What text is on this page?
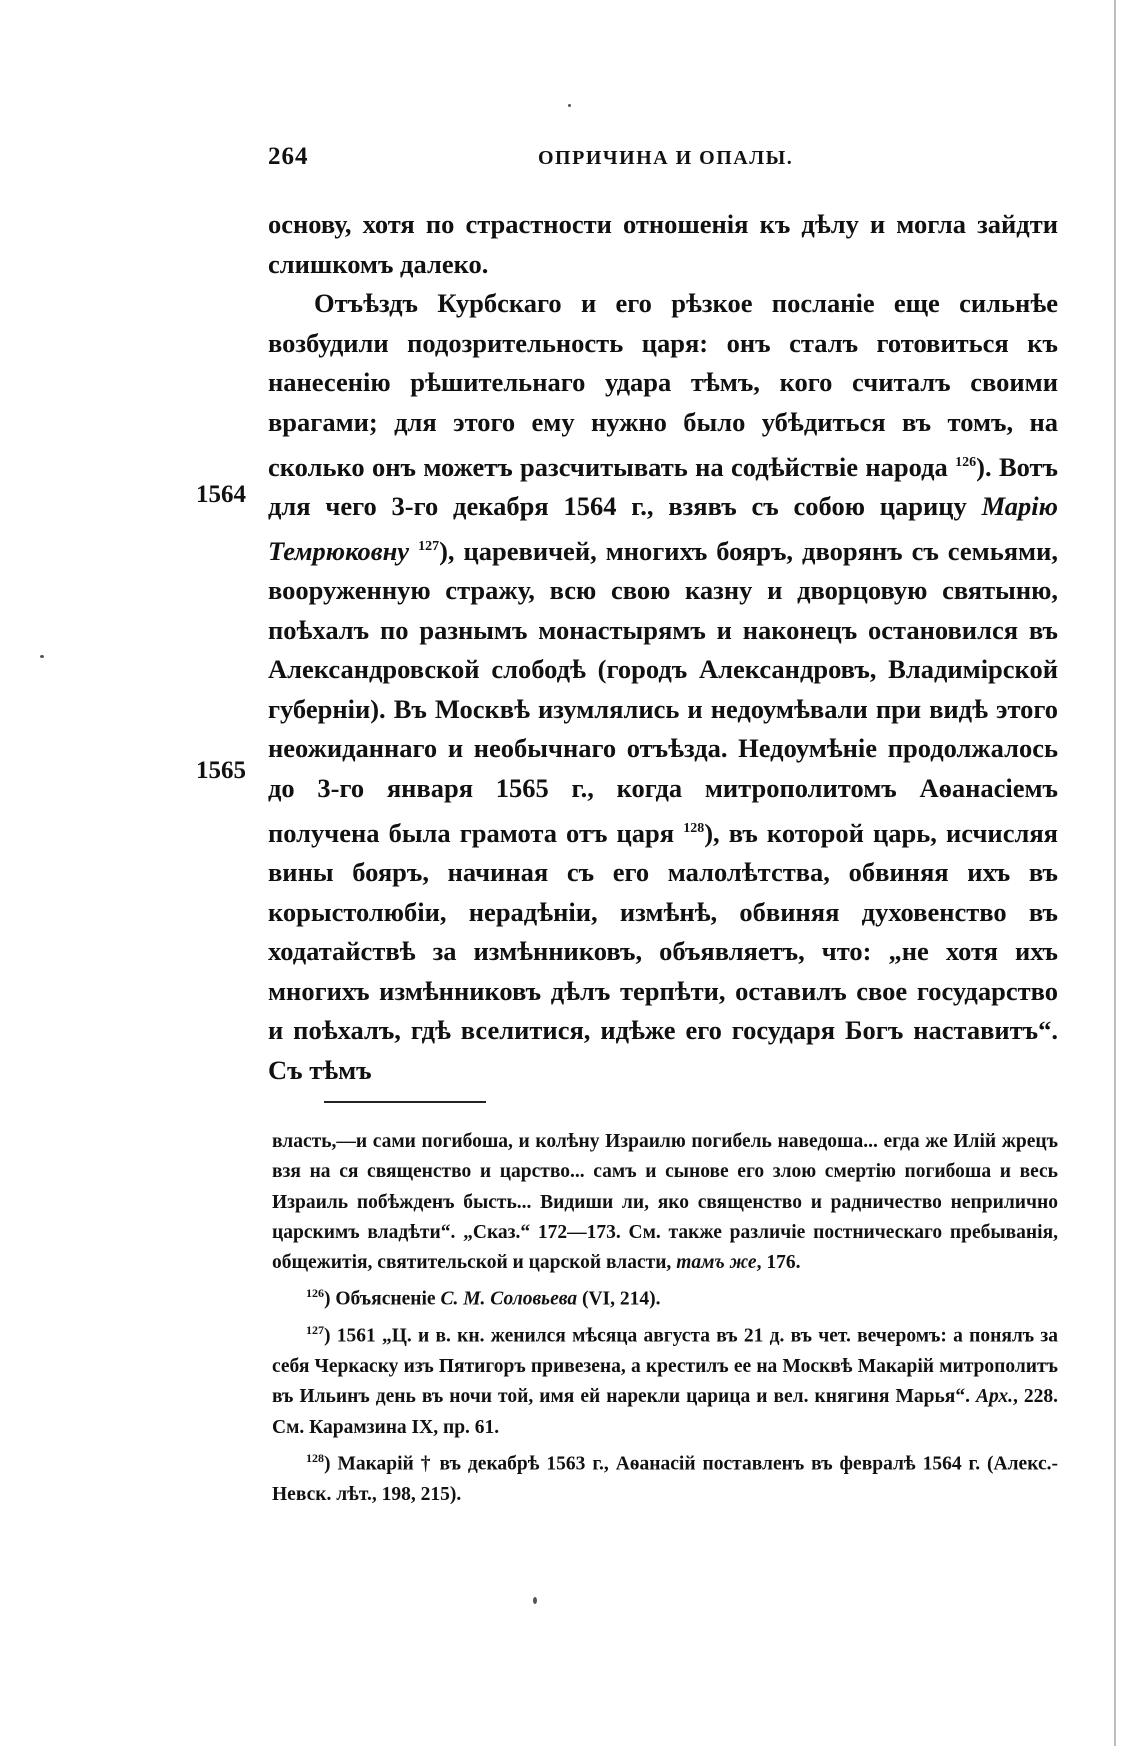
264	ОПРИЧИНА И ОПАЛЫ.
1564
1565

основу, хотя по страстности отношенія къ дѣлу и могла зайдти слишкомъ далеко.

Отъѣздъ Курбскаго и его рѣзкое посланіе еще сильнѣе возбудили подозрительность царя: онъ сталъ готовиться къ нанесенію рѣшительнаго удара тѣмъ, кого считалъ своими врагами; для этого ему нужно было убѣдиться въ томъ, на сколько онъ можетъ разсчитывать на содѣйствіе народа $^{126}$). Вотъ для чего 3-го декабря 1564 г., взявъ съ собою царицу Марію Темрюковну $^{127}$), царевичей, многихъ бояръ, дворянъ съ семьями, вооруженную стражу, всю свою казну и дворцовую святыню, поѣхалъ по разнымъ монастырямъ и наконецъ остановился въ Александровской слободѣ (городъ Александровъ, Владимірской губерніи). Въ Москвѣ изумлялись и недоумѣвали при видѣ этого неожиданнаго и необычнаго отъѣзда. Недоумѣніе продолжалось до 3-го января 1565 г., когда митрополитомъ Аѳанасіемъ получена была грамота отъ царя $^{128}$), въ которой царь, исчисляя вины бояръ, начиная съ его малолѣтства, обвиняя ихъ въ корыстолюбіи, нерадѣніи, измѣнѣ, обвиняя духовенство въ ходатайствѣ за измѣнниковъ, объявляетъ, что: „не хотя ихъ многихъ измѣнниковъ дѣлъ терпѣти, оставилъ свое государство и поѣхалъ, гдѣ вселитися, идѣже его государя Богъ наставитъ“. Съ тѣмъ

власть,—и сами погибоша, и колѣну Израилю погибель наведоша... егда же Илій жрецъ взя на ся священство и царство... самъ и сынове его злою смертію погибоша и весь Израиль побѣжденъ бысть... Видиши ли, яко священство и радничество неприлично царскимъ владѣти“. „Сказ.“ 172—173. См. также различіе постническаго пребыванія, общежитія, святительской и царской власти, тамъ же, 176.

$^{126}$) Объясненіе С. М. Соловьева (VI, 214).

$^{127}$) 1561 „Ц. и в. кн. женился мѣсяца августа въ 21 д. въ чет. вечеромъ: а понялъ за себя Черкаску изъ Пятигоръ привезена, а крестилъ ее на Москвѣ Макарій митрополитъ въ Ильинъ день въ ночи той, имя ей нарекли царица и вел. княгиня Марья“. Арх., 228. См. Карамзина IX, пр. 61.

$^{128}$) Макарій † въ декабрѣ 1563 г., Аѳанасій поставленъ въ февралѣ 1564 г. (Алекс.-Невск. лѣт., 198, 215).
